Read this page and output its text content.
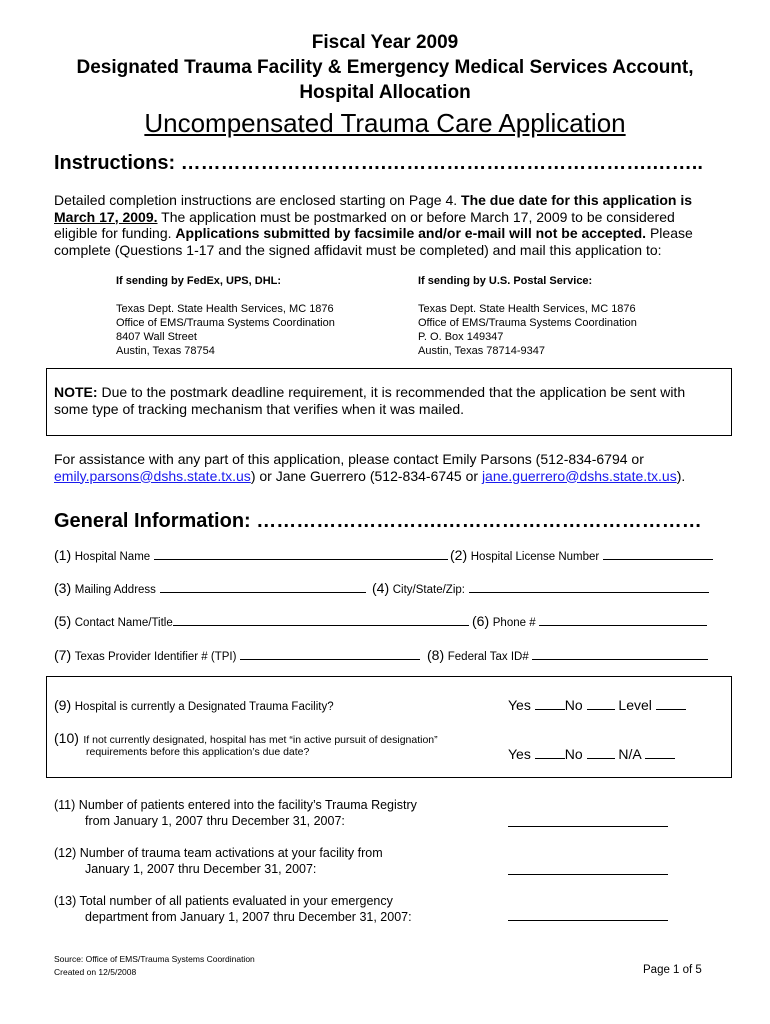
Fiscal Year 2009
Designated Trauma Facility & Emergency Medical Services Account,
Hospital Allocation
Uncompensated Trauma Care Application
Instructions: ………………………….………………………………….……..
Detailed completion instructions are enclosed starting on Page 4. The due date for this application is March 17, 2009. The application must be postmarked on or before March 17, 2009 to be considered eligible for funding. Applications submitted by facsimile and/or e-mail will not be accepted. Please complete (Questions 1-17 and the signed affidavit must be completed) and mail this application to:
If sending by FedEx, UPS, DHL:
Texas Dept. State Health Services, MC 1876
Office of EMS/Trauma Systems Coordination
8407 Wall Street
Austin, Texas 78754
If sending by U.S. Postal Service:
Texas Dept. State Health Services, MC 1876
Office of EMS/Trauma Systems Coordination
P. O. Box 149347
Austin, Texas 78714-9347
NOTE: Due to the postmark deadline requirement, it is recommended that the application be sent with some type of tracking mechanism that verifies when it was mailed.
For assistance with any part of this application, please contact Emily Parsons (512-834-6794 or emily.parsons@dshs.state.tx.us) or Jane Guerrero (512-834-6745 or jane.guerrero@dshs.state.tx.us).
General Information: ……………………….…………………………………
(1) Hospital Name	(2) Hospital License Number
(3) Mailing Address	(4) City/State/Zip:
(5) Contact Name/Title	(6) Phone #
(7) Texas Provider Identifier # (TPI)	(8) Federal Tax ID#
(9) Hospital is currently a Designated Trauma Facility?	Yes No	Level
(10) If not currently designated, hospital has met “in active pursuit of designation”
requirements before this application’s due date?	Yes No	N/A
(11) Number of patients entered into the facility’s Trauma Registry
from January 1, 2007 thru December 31, 2007:
(12) Number of trauma team activations at your facility from
January 1, 2007 thru December 31, 2007:
(13) Total number of all patients evaluated in your emergency
department from January 1, 2007 thru December 31, 2007:
Source: Office of EMS/Trauma Systems Coordination
Created on 12/5/2008	Page 1 of 5
